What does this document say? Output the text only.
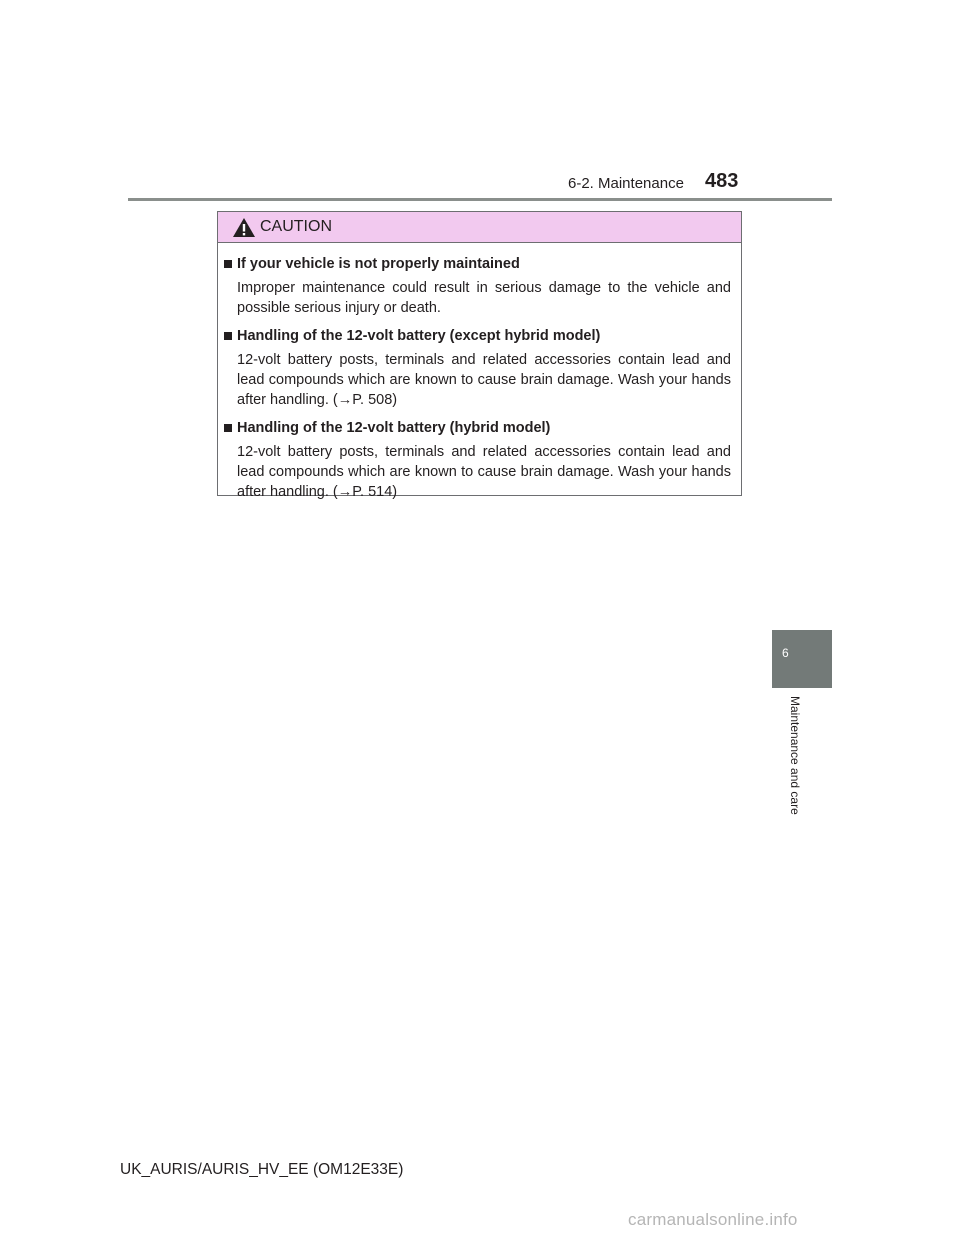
6-2. Maintenance 483
CAUTION
If your vehicle is not properly maintained
Improper maintenance could result in serious damage to the vehicle and possible serious injury or death.
Handling of the 12-volt battery (except hybrid model)
12-volt battery posts, terminals and related accessories contain lead and lead compounds which are known to cause brain damage. Wash your hands after handling. (→P. 508)
Handling of the 12-volt battery (hybrid model)
12-volt battery posts, terminals and related accessories contain lead and lead compounds which are known to cause brain damage. Wash your hands after handling. (→P. 514)
6
Maintenance and care
UK_AURIS/AURIS_HV_EE (OM12E33E)
carmanualsonline.info
